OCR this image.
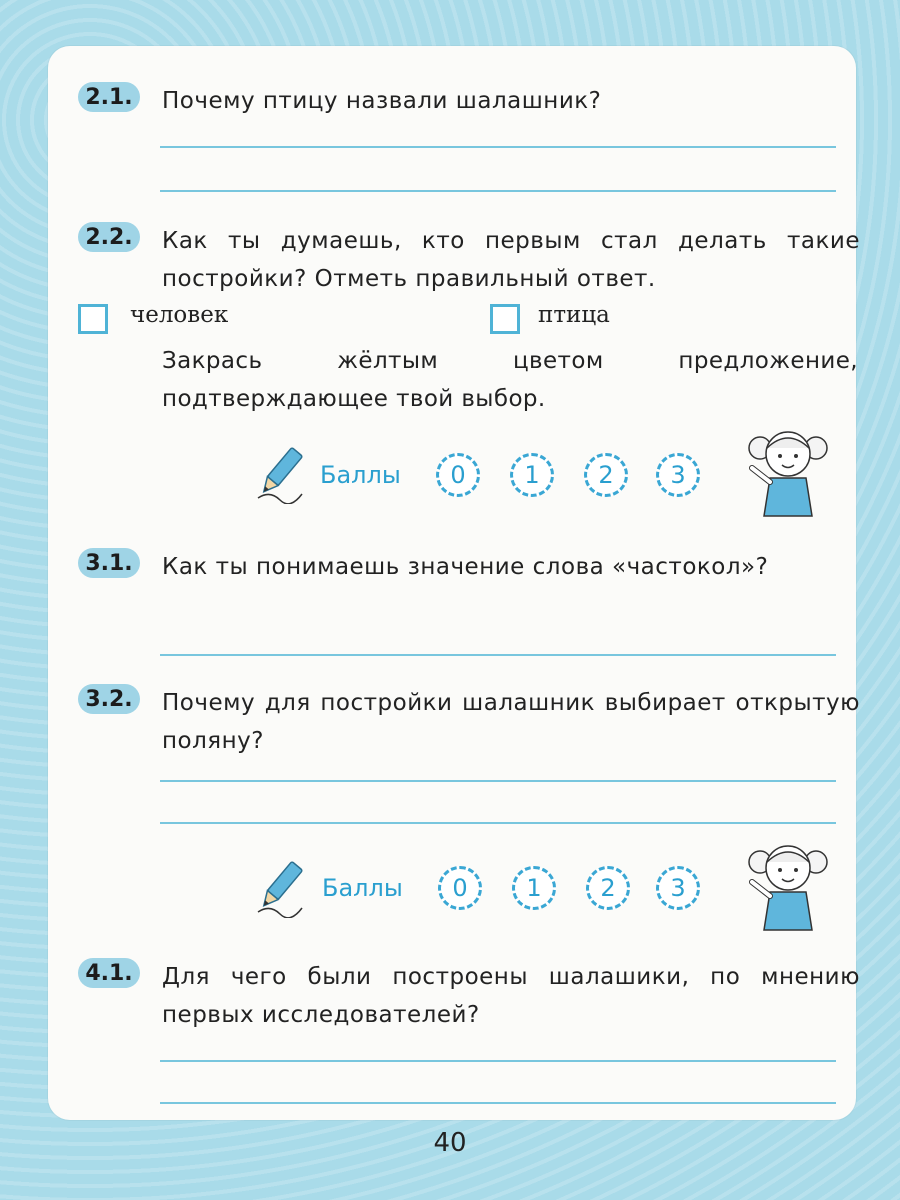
2.1.	Почему птицу назвали шалашник?
2.2.	Как ты думаешь, кто первым стал делать такие постройки? Отметь правильный ответ.
человек	птица
Закрась жёлтым цветом предложение, подтверждающее твой выбор.
Баллы	0	1	2	3
3.1.	Как ты понимаешь значение слова «частокол»?
3.2.	Почему для постройки шалашник выбирает открытую поляну?
Баллы	0	1	2	3
4.1.	Для чего были построены шалашики, по мнению первых исследователей?
40
